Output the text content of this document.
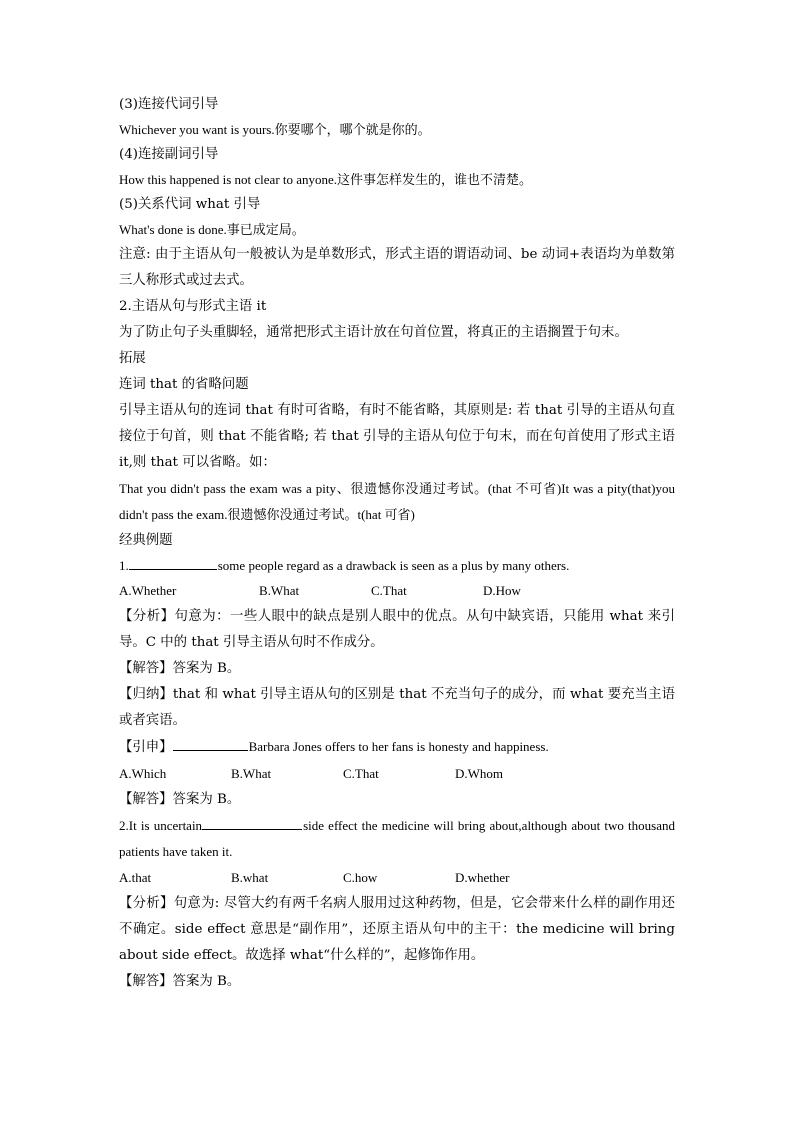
(3)连接代词引导
Whichever you want is yours.你要哪个，哪个就是你的。
(4)连接副词引导
How this happened is not clear to anyone.这件事怎样发生的，谁也不清楚。
(5)关系代词 what 引导
What's done is done.事已成定局。
注意: 由于主语从句一般被认为是单数形式，形式主语的谓语动词、be 动词+表语均为单数第三人称形式或过去式。
2.主语从句与形式主语 it
为了防止句子头重脚轻，通常把形式主语计放在句首位置，将真正的主语搁置于句末。
拓展
连词 that 的省略问题
引导主语从句的连词 that 有时可省略，有时不能省略，其原则是: 若 that 引导的主语从句直接位于句首，则 that 不能省略; 若 that 引导的主语从句位于句末，而在句首使用了形式主语 it,则 that 可以省略。如：
That you didn't pass the exam was a pity、很遗憾你没通过考试。(that 不可省)It was a pity(that)you didn't pass the exam.很遗憾你没通过考试。t(hat 可省)
经典例题
1.	some people regard as a drawback is seen as a plus by many others.
A.Whether	B.What	C.That	D.How
【分析】句意为：一些人眼中的缺点是别人眼中的优点。从句中缺宾语，只能用 what 来引导。C 中的 that 引导主语从句时不作成分。
【解答】答案为 B。
【归纳】that 和 what 引导主语从句的区别是 that 不充当句子的成分，而 what 要充当主语或者宾语。
【引申】	Barbara Jones offers to her fans is honesty and happiness.
A.Which	B.What	C.That	D.Whom
【解答】答案为 B。
2.It is uncertain	side effect the medicine will bring about,although about two thousand patients have taken it.
A.that	B.what	C.how	D.whether
【分析】句意为: 尽管大约有两千名病人服用过这种药物，但是，它会带来什么样的副作用还不确定。side effect 意思是“副作用”，还原主语从句中的主干：the medicine will bring about side effect。故选择 what“什么样的”，起修饰作用。
【解答】答案为 B。
